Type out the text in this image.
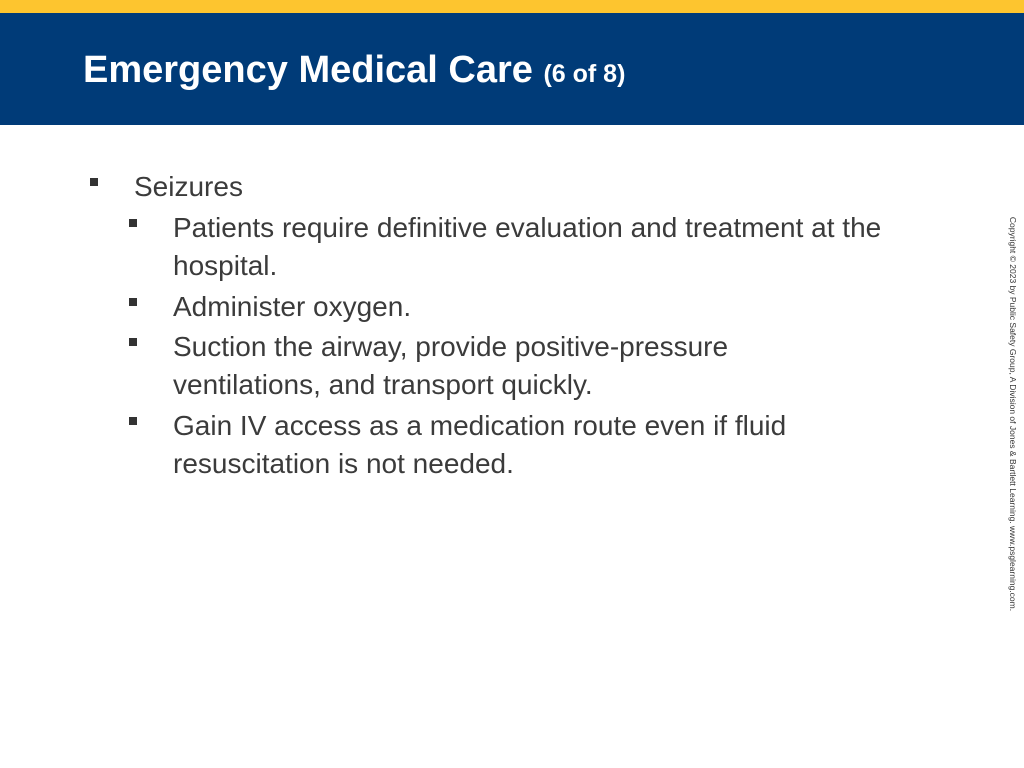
Emergency Medical Care (6 of 8)
Seizures
Patients require definitive evaluation and treatment at the hospital.
Administer oxygen.
Suction the airway, provide positive-pressure ventilations, and transport quickly.
Gain IV access as a medication route even if fluid resuscitation is not needed.	Copyright © 2023 by Public Safety Group, A Division of Jones & Bartlett Learning. www.psglearning.com.
